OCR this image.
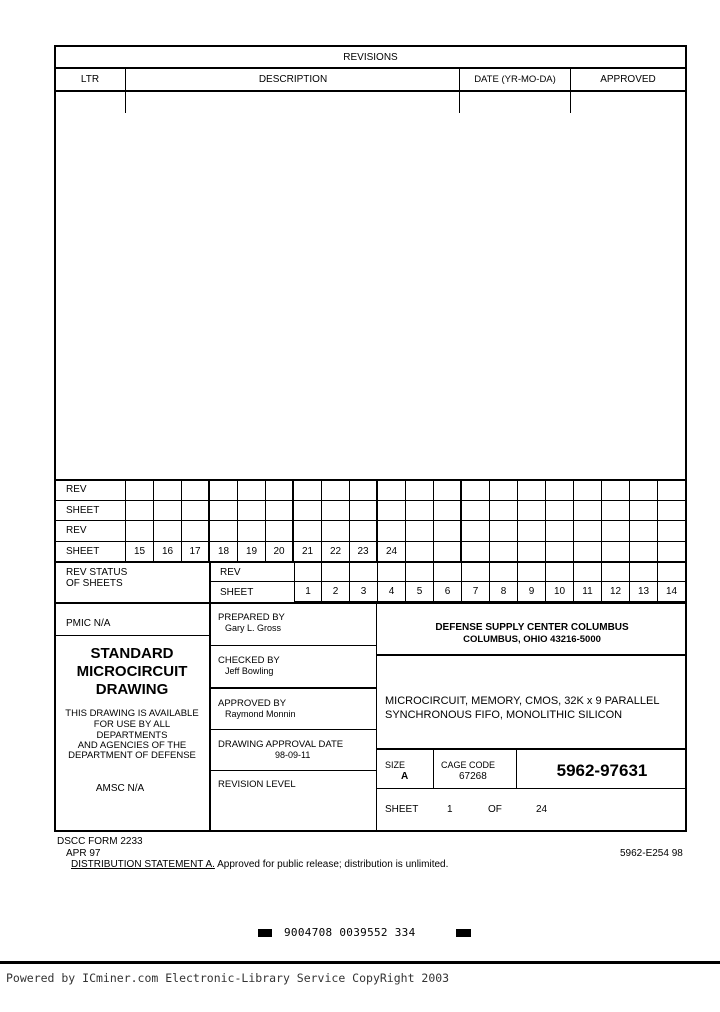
REVISIONS
LTR	DESCRIPTION	DATE (YR-MO-DA)	APPROVED
REV
SHEET
REV
SHEET	15	16	17	18	19	20	21	22	23	24
REV STATUS
OF SHEETS
REV
SHEET	1	2	3	4	5	6	7	8	9	10	11	12	13	14
PMIC N/A
STANDARD
MICROCIRCUIT
DRAWING
THIS DRAWING IS AVAILABLE
FOR USE BY ALL
DEPARTMENTS
AND AGENCIES OF THE
DEPARTMENT OF DEFENSE
AMSC N/A
PREPARED BY
Gary L. Gross
CHECKED BY
Jeff Bowling
APPROVED BY
Raymond Monnin
DRAWING APPROVAL DATE
98-09-11
REVISION LEVEL
DEFENSE SUPPLY CENTER COLUMBUS
COLUMBUS, OHIO 43216-5000
MICROCIRCUIT, MEMORY, CMOS, 32K x 9 PARALLEL
SYNCHRONOUS FIFO, MONOLITHIC SILICON
SIZE
A
CAGE CODE
67268	5962-97631
SHEET	1	OF	24
DSCC FORM 2233
APR 97
DISTRIBUTION STATEMENT A. Approved for public release; distribution is unlimited.
5962-E254 98
9004708 0039552 334
Powered by ICminer.com Electronic-Library Service CopyRight 2003
